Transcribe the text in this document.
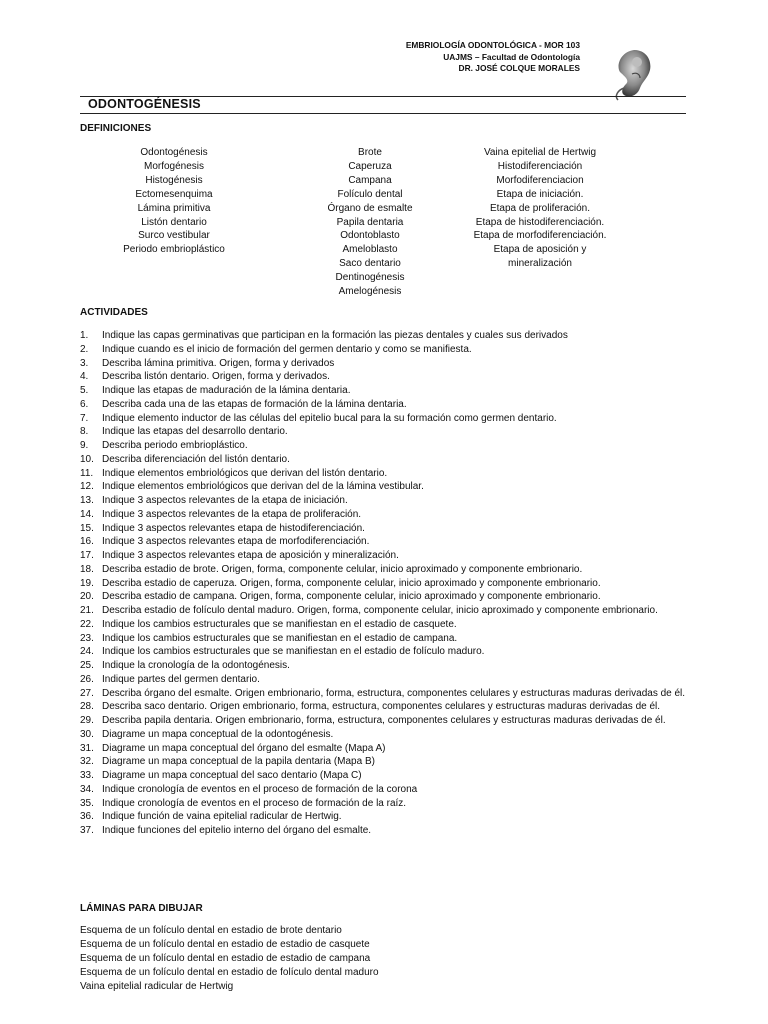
EMBRIOLOGÍA ODONTOLÓGICA - MOR 103
UAJMS – Facultad de Odontología
DR. JOSÉ COLQUE MORALES
ODONTOGÉNESIS
DEFINICIONES
Odontogénesis
Morfogénesis
Histogénesis
Ectomesenquima
Lámina primitiva
Listón dentario
Surco vestibular
Periodo embrioplástico
Brote
Caperuza
Campana
Folículo dental
Órgano de esmalte
Papila dentaria
Odontoblasto
Ameloblasto
Saco dentario
Dentinogénesis
Amelogénesis
Vaina epitelial de Hertwig
Histodiferenciación
Morfodiferenciacion
Etapa de iniciación.
Etapa de proliferación.
Etapa de histodiferenciación.
Etapa de morfodiferenciación.
Etapa de aposición y
mineralización
ACTIVIDADES
1.	Indique las capas germinativas que participan en la formación las piezas dentales y cuales sus derivados
2.	Indique cuando es el inicio de formación del germen dentario y como se manifiesta.
3.	Describa lámina primitiva. Origen, forma y derivados
4.	Describa listón dentario. Origen, forma y derivados.
5.	Indique las etapas de maduración de la lámina dentaria.
6.	Describa cada una de las etapas de formación de la lámina dentaria.
7.	Indique elemento inductor de las células del epitelio bucal para la su formación como germen dentario.
8.	Indique las etapas del desarrollo dentario.
9.	Describa periodo embrioplástico.
10. Describa diferenciación del listón dentario.
11. Indique elementos embriológicos que derivan del listón dentario.
12. Indique elementos embriológicos que derivan del de la lámina vestibular.
13. Indique 3 aspectos relevantes de la etapa de iniciación.
14. Indique 3 aspectos relevantes de la etapa de proliferación.
15. Indique 3 aspectos relevantes etapa de histodiferenciación.
16. Indique 3 aspectos relevantes etapa de morfodiferenciación.
17. Indique 3 aspectos relevantes etapa de aposición y mineralización.
18. Describa estadio de brote. Origen, forma, componente celular, inicio aproximado y componente embrionario.
19. Describa estadio de caperuza. Origen, forma, componente celular, inicio aproximado y componente embrionario.
20. Describa estadio de campana. Origen, forma, componente celular, inicio aproximado y componente embrionario.
21. Describa estadio de folículo dental maduro. Origen, forma, componente celular, inicio aproximado y componente embrionario.
22. Indique los cambios estructurales que se manifiestan en el estadio de casquete.
23. Indique los cambios estructurales que se manifiestan en el estadio de campana.
24. Indique los cambios estructurales que se manifiestan en el estadio de folículo maduro.
25. Indique la cronología de la odontogénesis.
26. Indique partes del germen dentario.
27. Describa órgano del esmalte. Origen embrionario, forma, estructura, componentes celulares y estructuras maduras derivadas de él.
28. Describa saco dentario. Origen embrionario, forma, estructura, componentes celulares y estructuras maduras derivadas de él.
29. Describa papila dentaria. Origen embrionario, forma, estructura, componentes celulares y estructuras maduras derivadas de él.
30. Diagrame un mapa conceptual de la odontogénesis.
31. Diagrame un mapa conceptual del órgano del esmalte (Mapa A)
32. Diagrame un mapa conceptual de la papila dentaria (Mapa B)
33. Diagrame un mapa conceptual del saco dentario (Mapa C)
34. Indique cronología de eventos en el proceso de formación de la corona
35. Indique cronología de eventos en el proceso de formación de la raíz.
36. Indique función de vaina epitelial radicular de Hertwig.
37. Indique funciones del epitelio interno del órgano del esmalte.
LÁMINAS PARA DIBUJAR
Esquema de un folículo dental en estadio de brote dentario
Esquema de un folículo dental en estadio de estadio de casquete
Esquema de un folículo dental en estadio de estadio de campana
Esquema de un folículo dental en estadio de folículo dental maduro
Vaina epitelial radicular de Hertwig
